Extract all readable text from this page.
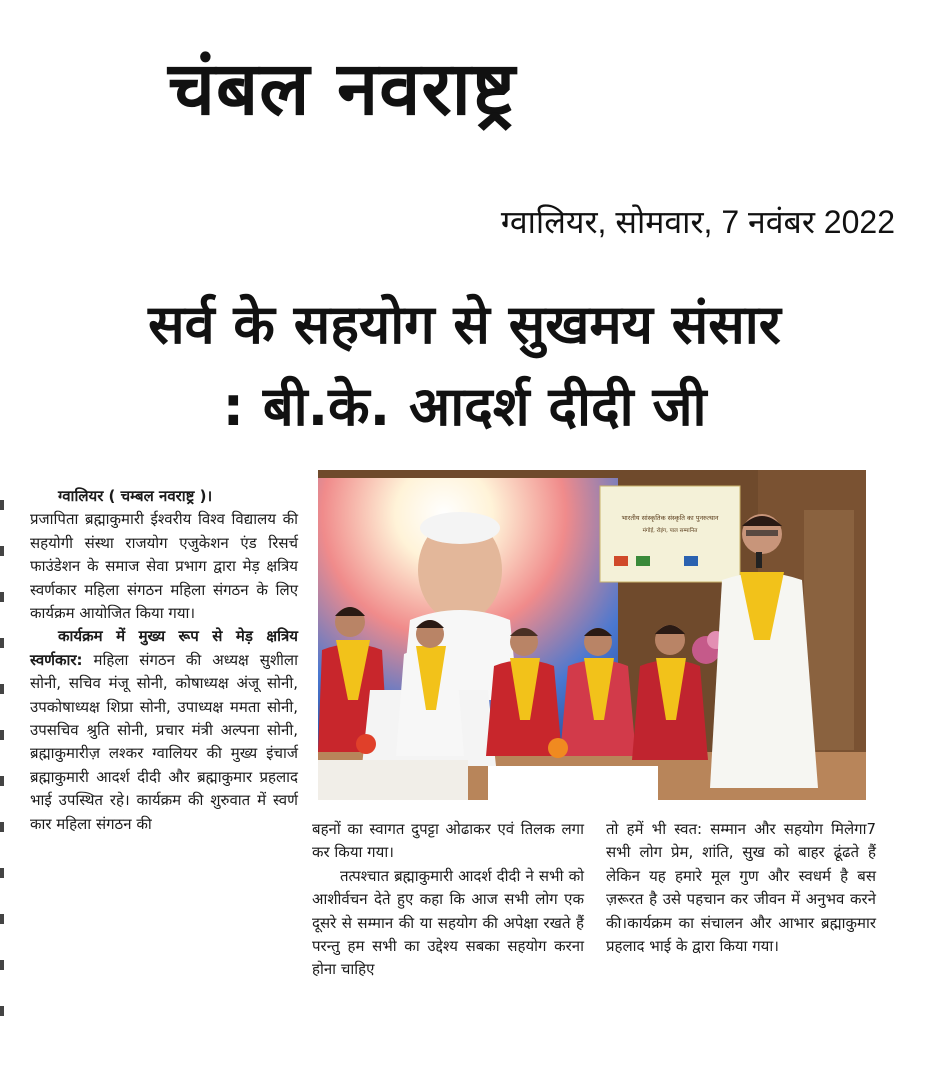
चंबल नवराष्ट्र
ग्वालियर, सोमवार, 7 नवंबर 2022
सर्व के सहयोग से सुखमय संसार
: बी.के. आदर्श दीदी जी

ग्वालियर ( चम्बल नवराष्ट्र )।

प्रजापिता ब्रह्माकुमारी ईश्वरीय विश्व विद्यालय की सहयोगी संस्था राजयोग एजुकेशन एंड रिसर्च फाउंडेशन के समाज सेवा प्रभाग द्वारा मेड़ क्षत्रिय स्वर्णकार महिला संगठन महिला संगठन के लिए कार्यक्रम आयोजित किया गया।

कार्यक्रम में मुख्य रूप से मेड़ क्षत्रिय स्वर्णकार: महिला संगठन की अध्यक्ष सुशीला सोनी, सचिव मंजू सोनी, कोषाध्यक्ष अंजू सोनी, उपकोषाध्यक्ष शिप्रा सोनी, उपाध्यक्ष ममता सोनी, उपसचिव श्रुति सोनी, प्रचार मंत्री अल्पना सोनी, ब्रह्माकुमारीज़ लश्कर ग्वालियर की मुख्य इंचार्ज ब्रह्माकुमारी आदर्श दीदी और ब्रह्माकुमार प्रहलाद भाई उपस्थित रहे। कार्यक्रम की शुरुवात में स्वर्ण कार महिला संगठन की

भारतीय सांस्कृतिक संस्कृति का पुनरुत्थान
मंगोई, रोइंग, पाल सम्मानित

बहनों का स्वागत दुपट्टा ओढाकर एवं तिलक लगा कर किया गया।

तत्पश्चात ब्रह्माकुमारी आदर्श दीदी ने सभी को आशीर्वचन देते हुए कहा कि आज सभी लोग एक दूसरे से सम्मान की या सहयोग की अपेक्षा रखते हैं परन्तु हम सभी का उद्देश्य सबका सहयोग करना होना चाहिए

तो हमें भी स्वत: सम्मान और सहयोग मिलेगा7 सभी लोग प्रेम, शांति, सुख को बाहर ढूंढते हैं लेकिन यह हमारे मूल गुण और स्वधर्म है बस ज़रूरत है उसे पहचान कर जीवन में अनुभव करने की।कार्यक्रम का संचालन और आभार ब्रह्माकुमार प्रहलाद भाई के द्वारा किया गया।
